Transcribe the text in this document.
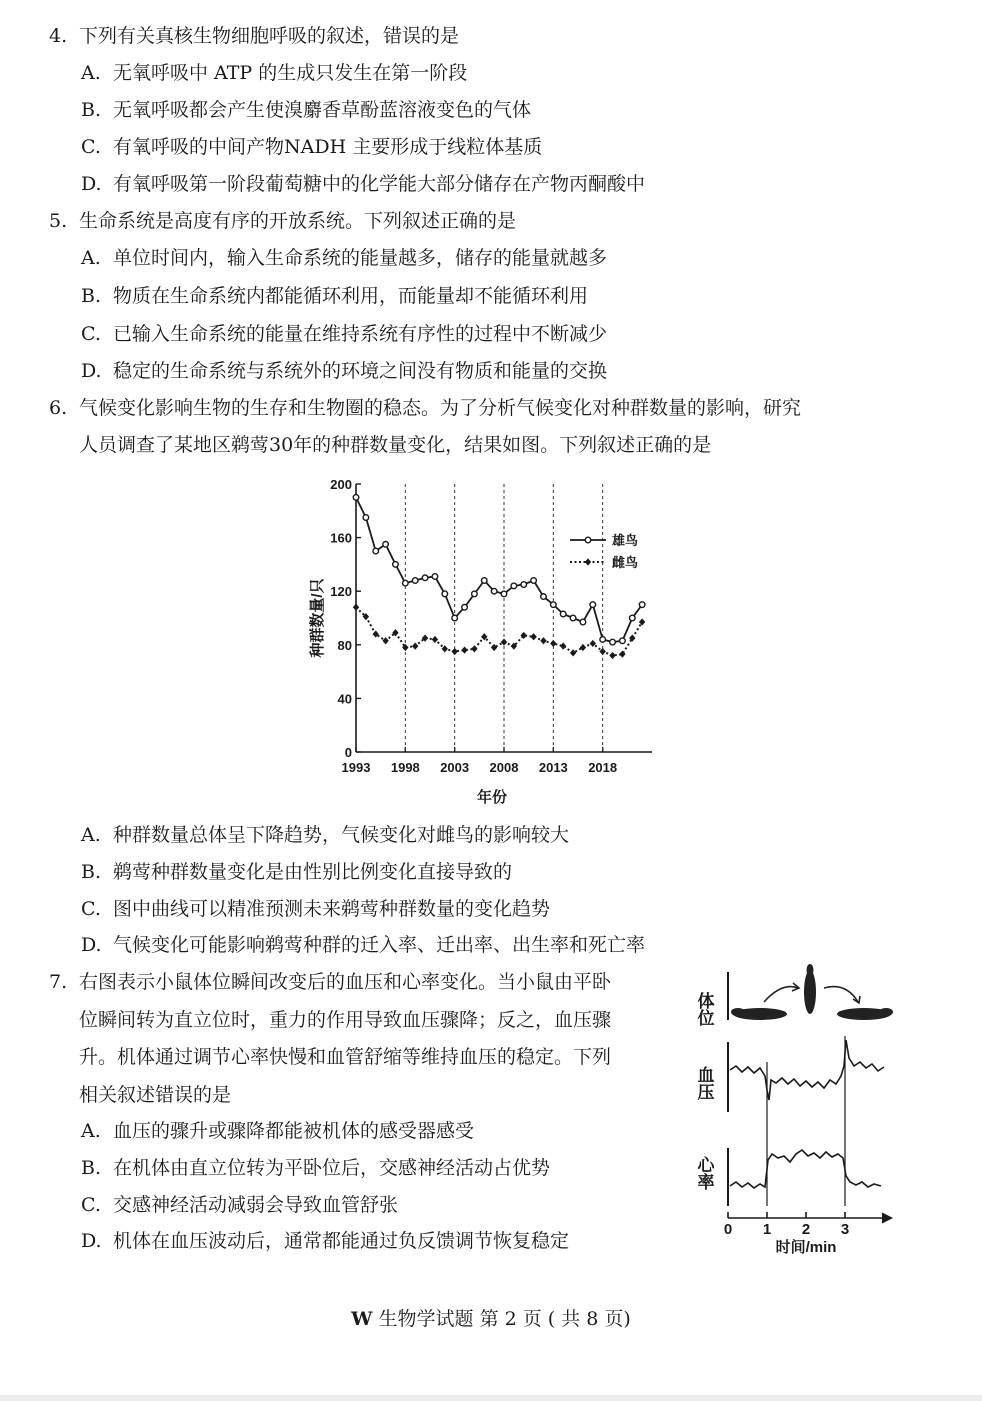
4. 下列有关真核生物细胞呼吸的叙述，错误的是
A. 无氧呼吸中 ATP 的生成只发生在第一阶段
B. 无氧呼吸都会产生使溴麝香草酚蓝溶液变色的气体
C. 有氧呼吸的中间产物NADH 主要形成于线粒体基质
D. 有氧呼吸第一阶段葡萄糖中的化学能大部分储存在产物丙酮酸中
5. 生命系统是高度有序的开放系统。下列叙述正确的是
A. 单位时间内，输入生命系统的能量越多，储存的能量就越多
B. 物质在生命系统内都能循环利用，而能量却不能循环利用
C. 已输入生命系统的能量在维持系统有序性的过程中不断减少
D. 稳定的生命系统与系统外的环境之间没有物质和能量的交换
6. 气候变化影响生物的生存和生物圈的稳态。为了分析气候变化对种群数量的影响，研究
人员调查了某地区鹈莺30年的种群数量变化，结果如图。下列叙述正确的是
0
40
80
120
160
200
1993 1998 2003 2008 2013 2018
年份
种群数量/只
雄鸟
雌鸟
A. 种群数量总体呈下降趋势，气候变化对雌鸟的影响较大
B. 鹈莺种群数量变化是由性别比例变化直接导致的
C. 图中曲线可以精准预测未来鹈莺种群数量的变化趋势
D. 气候变化可能影响鹈莺种群的迁入率、迁出率、出生率和死亡率
7. 右图表示小鼠体位瞬间改变后的血压和心率变化。当小鼠由平卧
位瞬间转为直立位时，重力的作用导致血压骤降；反之，血压骤
升。机体通过调节心率快慢和血管舒缩等维持血压的稳定。下列
相关叙述错误的是
A. 血压的骤升或骤降都能被机体的感受器感受
B. 在机体由直立位转为平卧位后，交感神经活动占优势
C. 交感神经活动减弱会导致血管舒张
D. 机体在血压波动后，通常都能通过负反馈调节恢复稳定
体位
血压
心率
0 1 2 3
时间/min
W 生物学试题 第 2 页 ( 共 8 页)
